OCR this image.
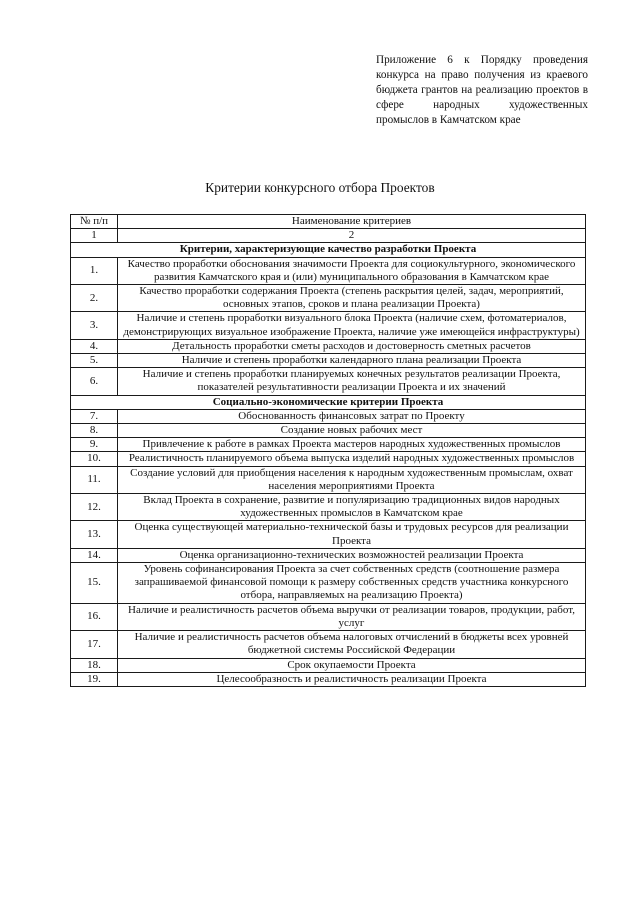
Приложение 6 к Порядку проведения конкурса на право получения из краевого бюджета грантов на реализацию проектов в сфере народных художественных промыслов в Камчатском крае
Критерии конкурсного отбора Проектов
№ п/п	Наименование критериев
1	2
Критерии, характеризующие качество разработки Проекта	
1.	Качество проработки обоснования значимости Проекта для социокультурного, экономического развития Камчатского края и (или) муниципального образования в Камчатском крае
2.	Качество проработки содержания Проекта (степень раскрытия целей, задач, мероприятий, основных этапов, сроков и плана реализации Проекта)
3.	Наличие и степень проработки визуального блока Проекта (наличие схем, фотоматериалов, демонстрирующих визуальное изображение Проекта, наличие уже имеющейся инфраструктуры)
4.	Детальность проработки сметы расходов и достоверность сметных расчетов
5.	Наличие и степень проработки календарного плана реализации Проекта
6.	Наличие и степень проработки планируемых конечных результатов реализации Проекта, показателей результативности реализации Проекта и их значений
Социально-экономические критерии Проекта	
7.	Обоснованность финансовых затрат по Проекту
8.	Создание новых рабочих мест
9.	Привлечение к работе в рамках Проекта мастеров народных художественных промыслов
10.	Реалистичность планируемого объема выпуска изделий народных художественных промыслов
11.	Создание условий для приобщения населения к народным художественным промыслам, охват населения мероприятиями Проекта
12.	Вклад Проекта в сохранение, развитие и популяризацию традиционных видов народных художественных промыслов в Камчатском крае
13.	Оценка существующей материально-технической базы и трудовых ресурсов для реализации Проекта
14.	Оценка организационно-технических возможностей реализации Проекта
15.	Уровень софинансирования Проекта за счет собственных средств (соотношение размера запрашиваемой финансовой помощи к размеру собственных средств участника конкурсного отбора, направляемых на реализацию Проекта)
16.	Наличие и реалистичность расчетов объема выручки от реализации товаров, продукции, работ, услуг
17.	Наличие и реалистичность расчетов объема налоговых отчислений в бюджеты всех уровней бюджетной системы Российской Федерации
18.	Срок окупаемости Проекта
19.	Целесообразность и реалистичность реализации Проекта
